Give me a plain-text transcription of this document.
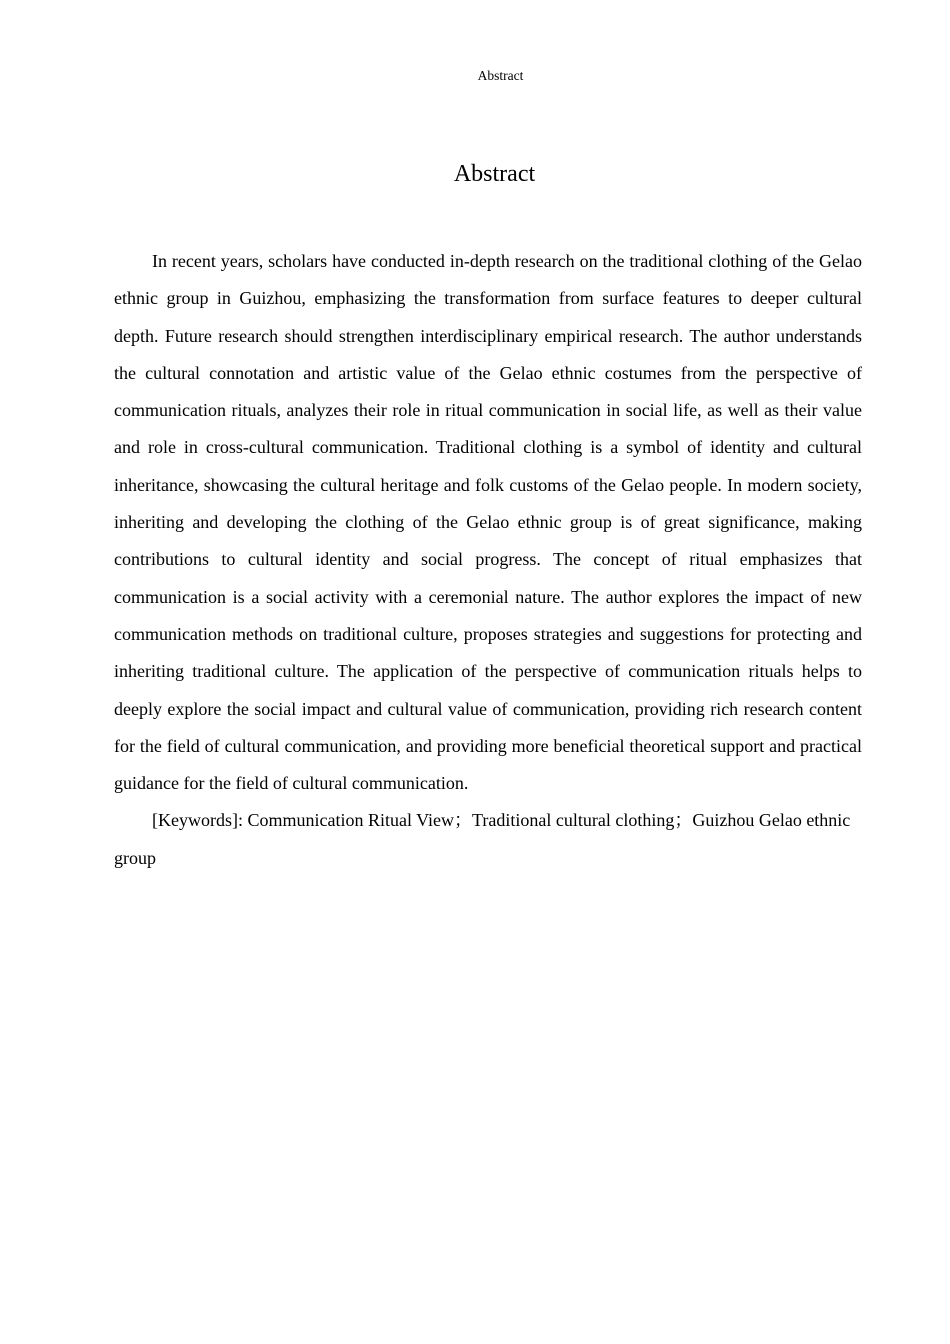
Abstract
Abstract

In recent years, scholars have conducted in-depth research on the traditional clothing of the Gelao ethnic group in Guizhou, emphasizing the transformation from surface features to deeper cultural depth. Future research should strengthen interdisciplinary empirical research. The author understands the cultural connotation and artistic value of the Gelao ethnic costumes from the perspective of communication rituals, analyzes their role in ritual communication in social life, as well as their value and role in cross-cultural communication. Traditional clothing is a symbol of identity and cultural inheritance, showcasing the cultural heritage and folk customs of the Gelao people. In modern society, inheriting and developing the clothing of the Gelao ethnic group is of great significance, making contributions to cultural identity and social progress. The concept of ritual emphasizes that communication is a social activity with a ceremonial nature. The author explores the impact of new communication methods on traditional culture, proposes strategies and suggestions for protecting and inheriting traditional culture. The application of the perspective of communication rituals helps to deeply explore the social impact and cultural value of communication, providing rich research content for the field of cultural communication, and providing more beneficial theoretical support and practical guidance for the field of cultural communication.

[Keywords]: Communication Ritual View；Traditional cultural clothing；Guizhou Gelao ethnic group
